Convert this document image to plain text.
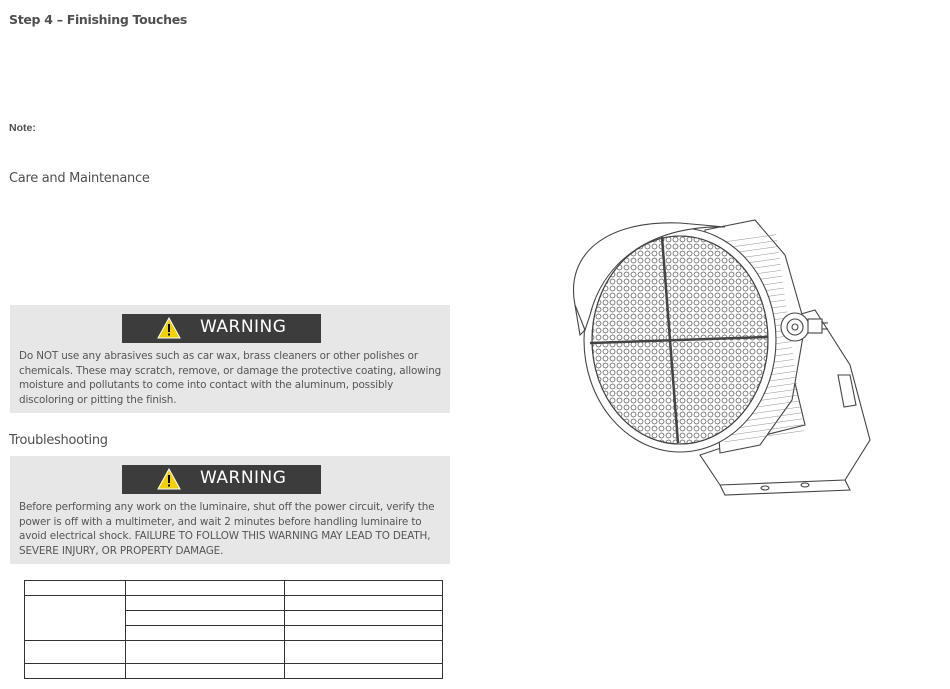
Step 4 – Finishing Touches
Note:
Care and Maintenance
WARNING
Do NOT use any abrasives such as car wax, brass cleaners or other polishes or chemicals. These may scratch, remove, or damage the protective coating, allowing moisture and pollutants to come into contact with the aluminum, possibly discoloring or pitting the finish.
Troubleshooting
WARNING
Before performing any work on the luminaire, shut off the power circuit, verify the power is off with a multimeter, and wait 2 minutes before handling luminaire to avoid electrical shock. FAILURE TO FOLLOW THIS WARNING MAY LEAD TO DEATH, SEVERE INJURY, OR PROPERTY DAMAGE.
